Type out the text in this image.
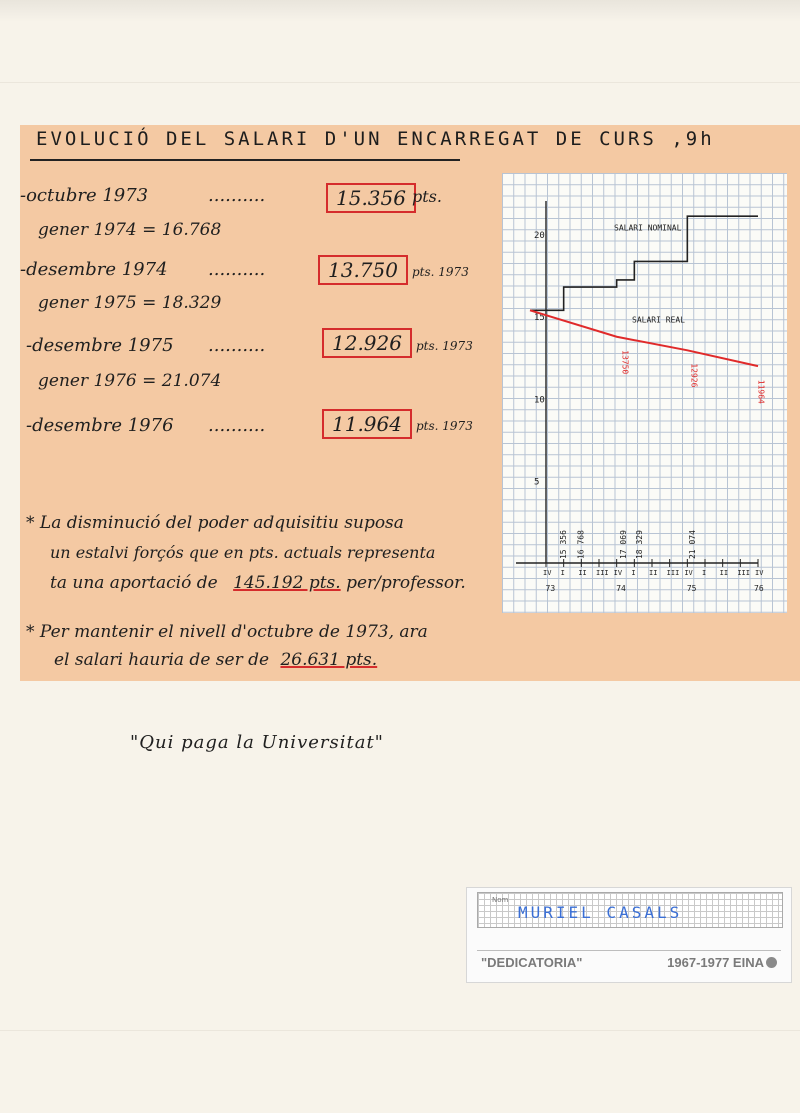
EVOLUCIÓ DEL SALARI D'UN ENCARREGAT DE CURS ,9h
-octubre 1973	..........	15.356 pts.
gener 1974 = 16.768
-desembre 1974 ..........	13.750	pts. 1973
gener 1975 = 18.329
-desembre 1975 ..........	12.926	pts. 1973
gener 1976 = 21.074
-desembre 1976 ..........	11.964	pts. 1973
* La disminució del poder adquisitiu suposa
un estalvi forçós que en pts. actuals representa
ta una aportació de 145.192 pts. per/professor.
* Per mantenir el nivell d'octubre de 1973, ara
el salari hauria de ser de 26.631 pts.
5
10
15
20
IV I II III IV I II III IV I II III IV
73	74	75	76
SALARI NOMINAL
SALARI REAL
15 356 16 768	17 069 18 329	21 074
13750
12926
11964
"Qui paga la Universitat"
Nom
MURIEL CASALS
"DEDICATORIA"	1967-1977 EINA
